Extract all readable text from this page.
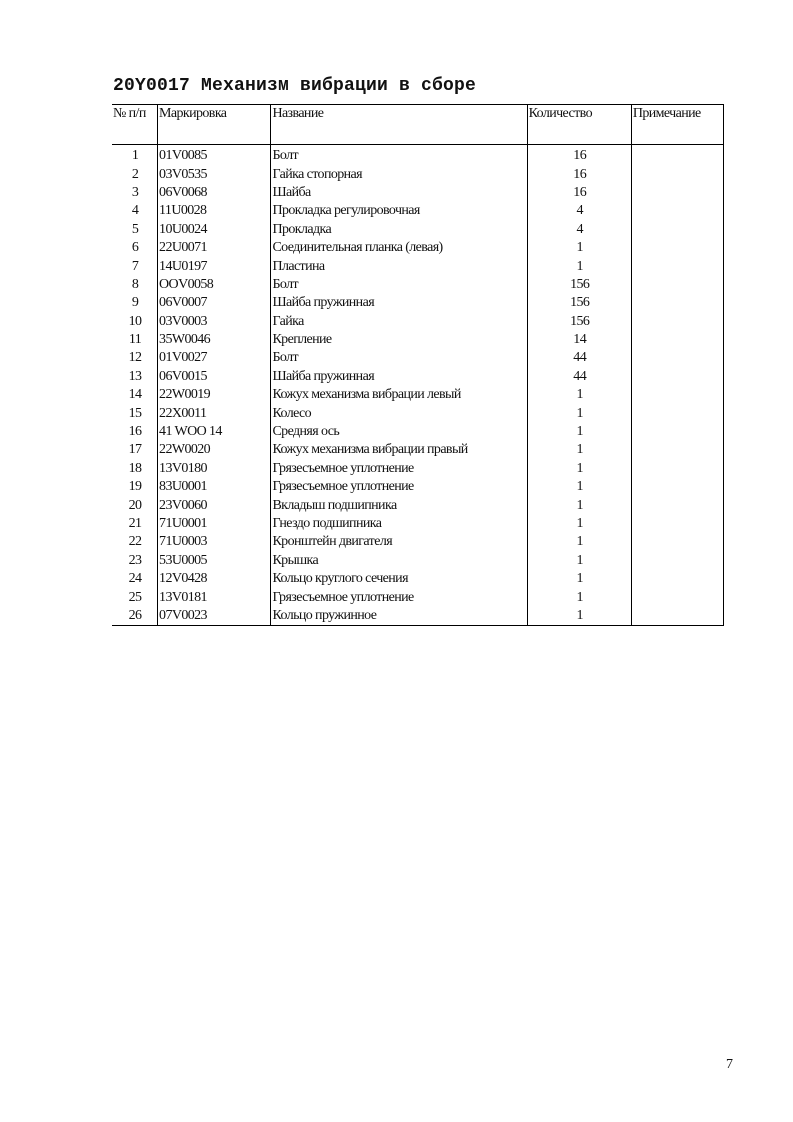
20Y0017 Механизм вибрации в сборе
№ п/п	Маркировка	Название	Количество	Примечание
1	01V0085	Болт	16	
2	03V0535	Гайка стопорная	16	
3	06V0068	Шайба	16	
4	11U0028	Прокладка регулировочная	4	
5	10U0024	Прокладка	4	
6	22U0071	Соединительная планка (левая)	1	
7	14U0197	Пластина	1	
8	OOV0058	Болт	156	
9	06V0007	Шайба пружинная	156	
10	03V0003	Гайка	156	
11	35W0046	Крепление	14	
12	01V0027	Болт	44	
13	06V0015	Шайба пружинная	44	
14	22W0019	Кожух механизма вибрации левый	1	
15	22X0011	Колесо	1	
16	41 WOO 14	Средняя ось	1	
17	22W0020	Кожух механизма вибрации правый	1	
18	13V0180	Грязесъемное уплотнение	1	
19	83U0001	Грязесъемное уплотнение	1	
20	23V0060	Вкладыш подшипника	1	
21	71U0001	Гнездо подшипника	1	
22	71U0003	Кронштейн двигателя	1	
23	53U0005	Крышка	1	
24	12V0428	Кольцо круглого сечения	1	
25	13V0181	Грязесъемное уплотнение	1	
26	07V0023	Кольцо пружинное	1	
7
